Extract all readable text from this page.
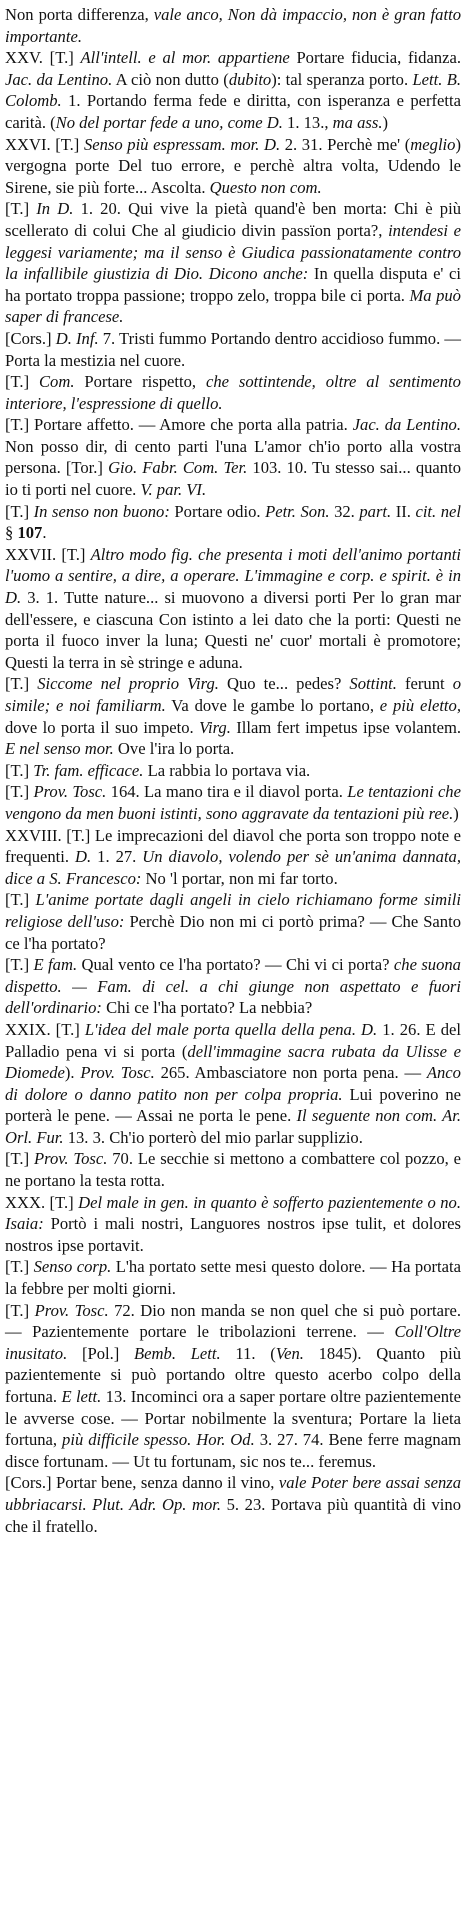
Non porta differenza, vale anco, Non dà impaccio, non è gran fatto importante.

XXV. [T.] All'intell. e al mor. appartiene Portare fiducia, fidanza. Jac. da Lentino. A ciò non dutto (dubito): tal speranza porto. Lett. B. Colomb. 1. Portando ferma fede e diritta, con isperanza e perfetta carità. (No del portar fede a uno, come D. 1. 13., ma ass.)

XXVI. [T.] Senso più espressam. mor. D. 2. 31. Perchè me' (meglio) vergogna porte Del tuo errore, e perchè altra volta, Udendo le Sirene, sie più forte... Ascolta. Questo non com.

[T.] In D. 1. 20. Qui vive la pietà quand'è ben morta: Chi è più scellerato di colui Che al giudicio divin passïon porta?, intendesi e leggesi variamente; ma il senso è Giudica passionatamente contro la infallibile giustizia di Dio. Dicono anche: In quella disputa e' ci ha portato troppa passione; troppo zelo, troppa bile ci porta. Ma può saper di francese.

[Cors.] D. Inf. 7. Tristi fummo Portando dentro accidioso fummo. — Porta la mestizia nel cuore.

[T.] Com. Portare rispetto, che sottintende, oltre al sentimento interiore, l'espressione di quello.

[T.] Portare affetto. — Amore che porta alla patria. Jac. da Lentino. Non posso dir, di cento parti l'una L'amor ch'io porto alla vostra persona. [Tor.] Gio. Fabr. Com. Ter. 103. 10. Tu stesso sai... quanto io ti porti nel cuore. V. par. VI.

[T.] In senso non buono: Portare odio. Petr. Son. 32. part. II. cit. nel § 107.

XXVII. [T.] Altro modo fig. che presenta i moti dell'animo portanti l'uomo a sentire, a dire, a operare. L'immagine e corp. e spirit. è in D. 3. 1. Tutte nature... si muovono a diversi porti Per lo gran mar dell'essere, e ciascuna Con istinto a lei dato che la porti: Questi ne porta il fuoco inver la luna; Questi ne' cuor' mortali è promotore; Questi la terra in sè stringe e aduna.

[T.] Siccome nel proprio Virg. Quo te... pedes? Sottint. ferunt o simile; e noi familiarm. Va dove le gambe lo portano, e più eletto, dove lo porta il suo impeto. Virg. Illam fert impetus ipse volantem. E nel senso mor. Ove l'ira lo porta.

[T.] Tr. fam. efficace. La rabbia lo portava via.

[T.] Prov. Tosc. 164. La mano tira e il diavol porta. Le tentazioni che vengono da men buoni istinti, sono aggravate da tentazioni più ree.)

XXVIII. [T.] Le imprecazioni del diavol che porta son troppo note e frequenti. D. 1. 27. Un diavolo, volendo per sè un'anima dannata, dice a S. Francesco: No 'l portar, non mi far torto.

[T.] L'anime portate dagli angeli in cielo richiamano forme simili religiose dell'uso: Perchè Dio non mi ci portò prima? — Che Santo ce l'ha portato?

[T.] E fam. Qual vento ce l'ha portato? — Chi vi ci porta? che suona dispetto. — Fam. di cel. a chi giunge non aspettato e fuori dell'ordinario: Chi ce l'ha portato? La nebbia?

XXIX. [T.] L'idea del male porta quella della pena. D. 1. 26. E del Palladio pena vi si porta (dell'immagine sacra rubata da Ulisse e Diomede). Prov. Tosc. 265. Ambasciatore non porta pena. — Anco di dolore o danno patito non per colpa propria. Lui poverino ne porterà le pene. — Assai ne porta le pene. Il seguente non com. Ar. Orl. Fur. 13. 3. Ch'io porterò del mio parlar supplizio.

[T.] Prov. Tosc. 70. Le secchie si mettono a combattere col pozzo, e ne portano la testa rotta.

XXX. [T.] Del male in gen. in quanto è sofferto pazientemente o no. Isaia: Portò i mali nostri, Languores nostros ipse tulit, et dolores nostros ipse portavit.

[T.] Senso corp. L'ha portato sette mesi questo dolore. — Ha portata la febbre per molti giorni.

[T.] Prov. Tosc. 72. Dio non manda se non quel che si può portare. — Pazientemente portare le tribolazioni terrene. — Coll'Oltre inusitato. [Pol.] Bemb. Lett. 11. (Ven. 1845). Quanto più pazientemente si può portando oltre questo acerbo colpo della fortuna. E lett. 13. Incominci ora a saper portare oltre pazientemente le avverse cose. — Portar nobilmente la sventura; Portare la lieta fortuna, più difficile spesso. Hor. Od. 3. 27. 74. Bene ferre magnam disce fortunam. — Ut tu fortunam, sic nos te... feremus.

[Cors.] Portar bene, senza danno il vino, vale Poter bere assai senza ubbriacarsi. Plut. Adr. Op. mor. 5. 23. Portava più quantità di vino che il fratello.
